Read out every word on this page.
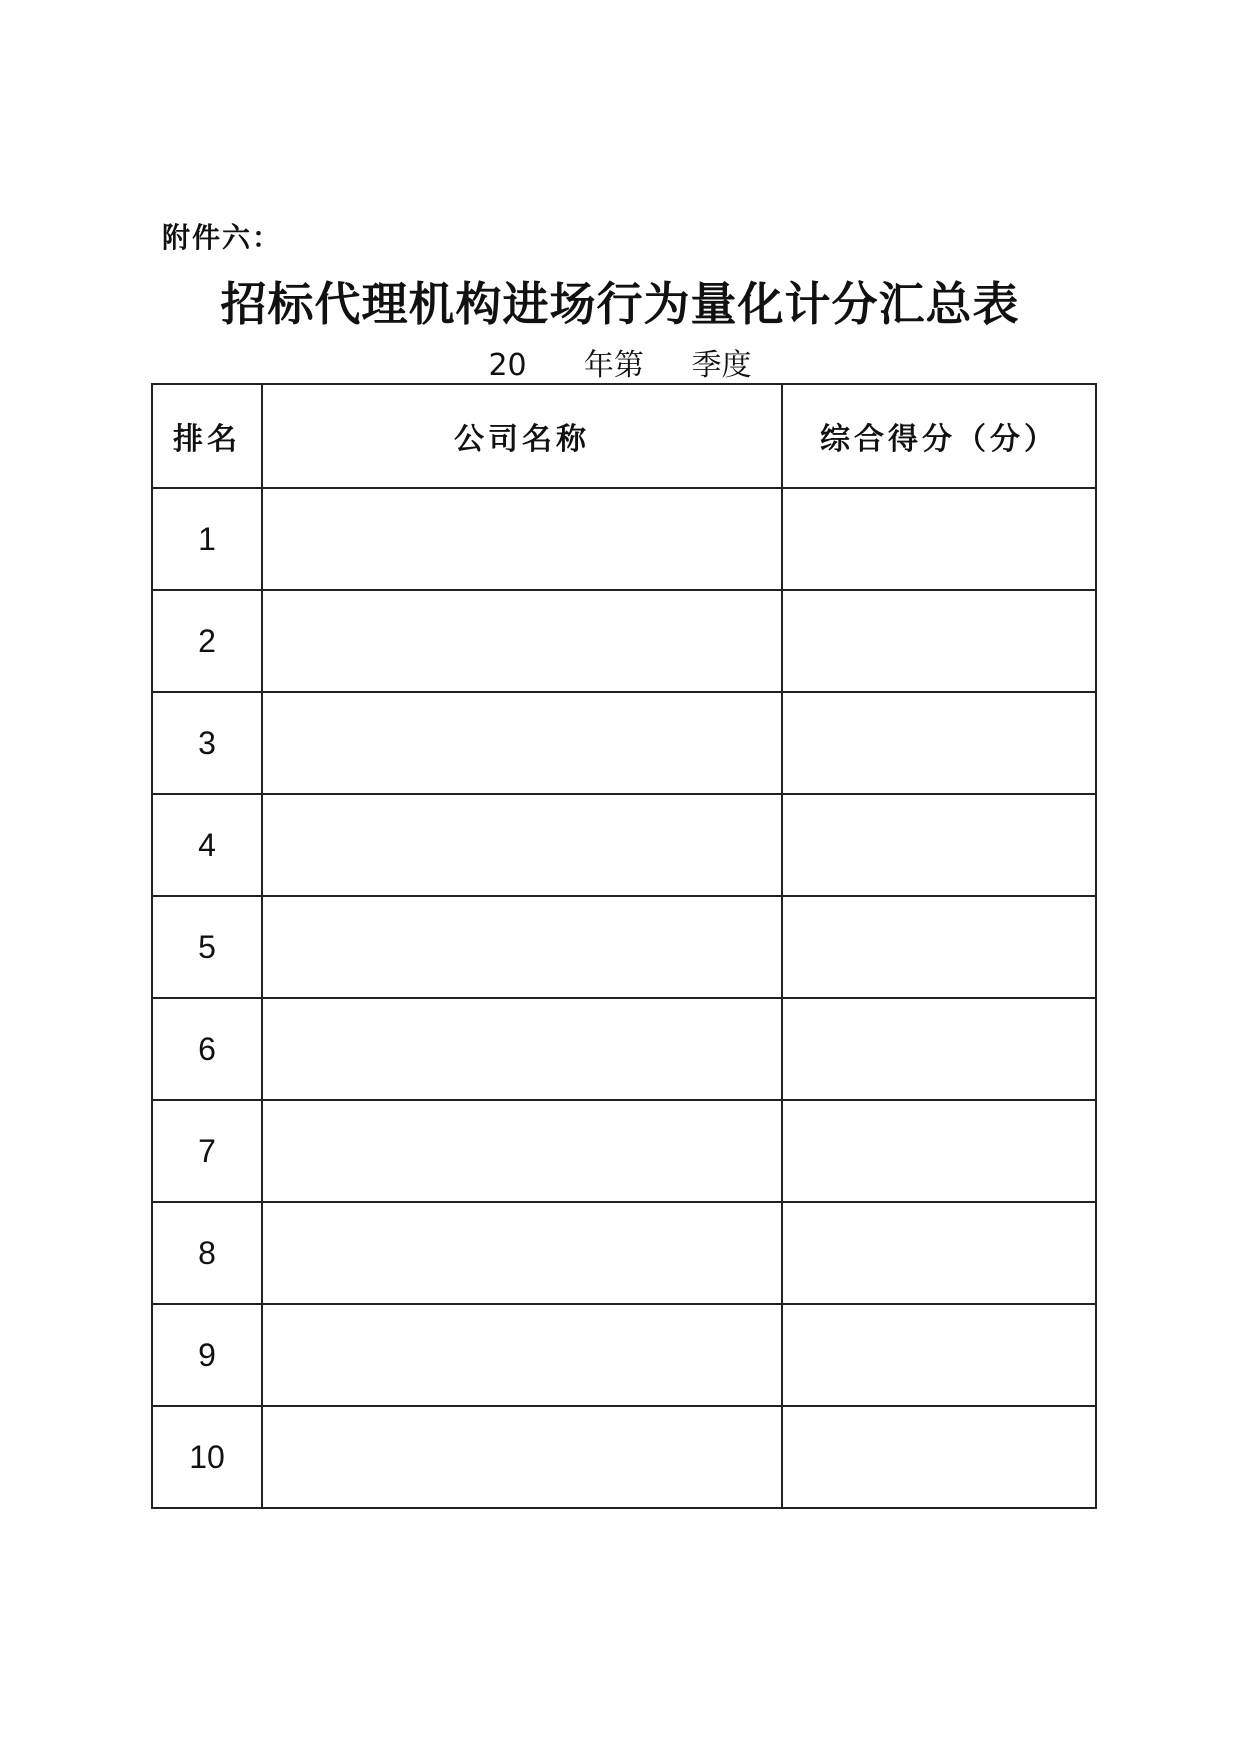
附件六：
招标代理机构进场行为量化计分汇总表
20 年第 季度
排名	公司名称	综合得分（分）
1		
2		
3		
4		
5		
6		
7		
8		
9		
10		
